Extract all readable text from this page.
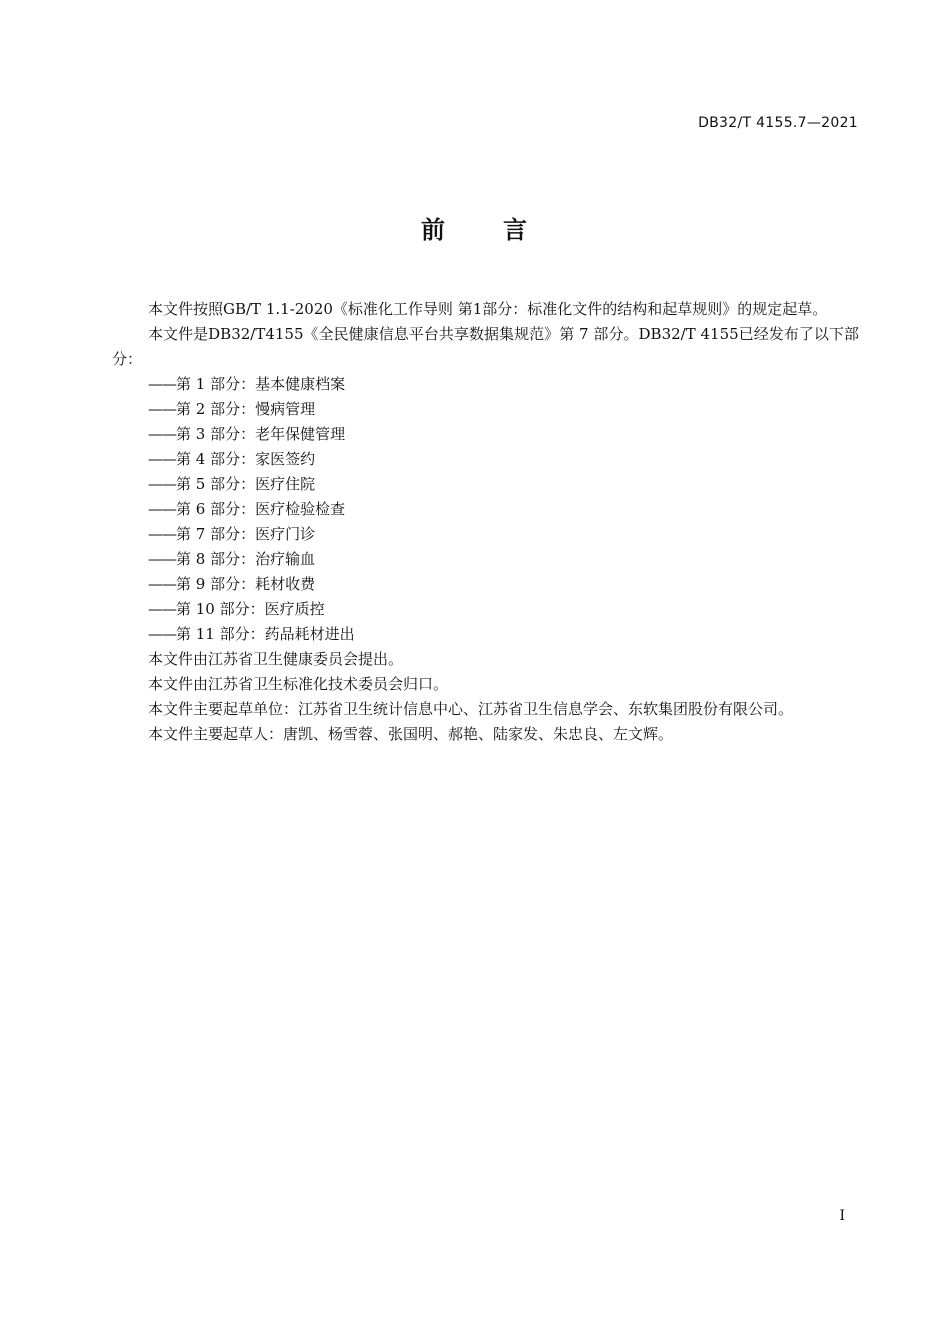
DB32/T 4155.7—2021
前 言

本文件按照GB/T 1.1-2020《标准化工作导则 第1部分：标准化文件的结构和起草规则》的规定起草。

本文件是DB32/T4155《全民健康信息平台共享数据集规范》第 7 部分。DB32/T 4155已经发布了以下部分：

——第 1 部分：基本健康档案

——第 2 部分：慢病管理

——第 3 部分：老年保健管理

——第 4 部分：家医签约

——第 5 部分：医疗住院

——第 6 部分：医疗检验检查

——第 7 部分：医疗门诊

——第 8 部分：治疗输血

——第 9 部分：耗材收费

——第 10 部分：医疗质控

——第 11 部分：药品耗材进出

本文件由江苏省卫生健康委员会提出。

本文件由江苏省卫生标准化技术委员会归口。

本文件主要起草单位：江苏省卫生统计信息中心、江苏省卫生信息学会、东软集团股份有限公司。

本文件主要起草人：唐凯、杨雪蓉、张国明、郝艳、陆家发、朱忠良、左文辉。

I
